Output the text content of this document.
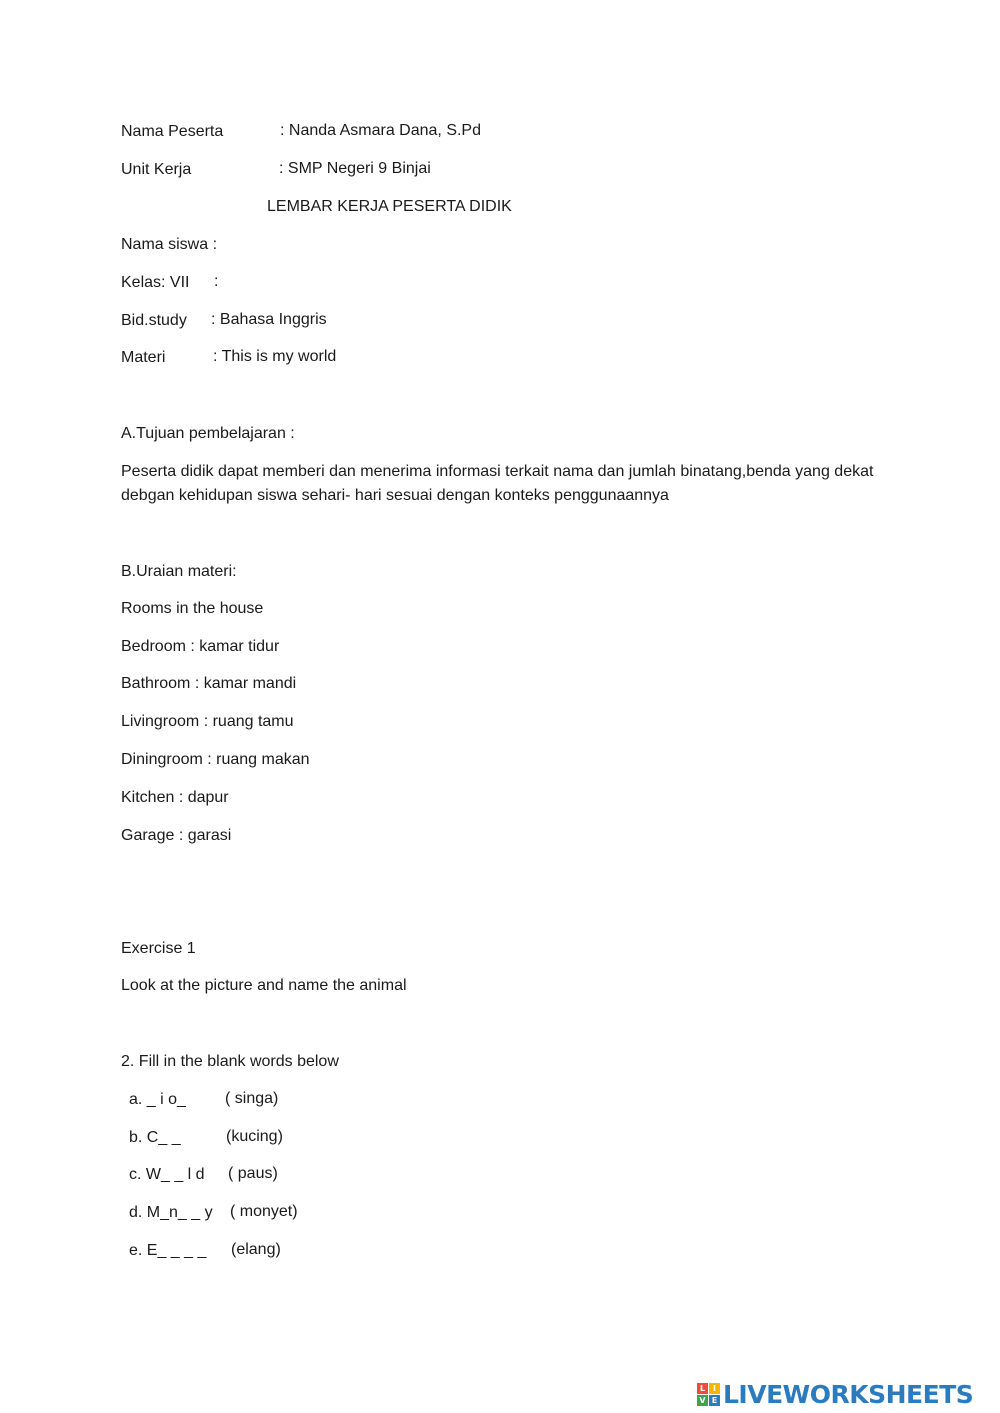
Nama Peserta	: Nanda Asmara Dana, S.Pd
Unit Kerja	: SMP Negeri 9 Binjai
LEMBAR KERJA PESERTA DIDIK
Nama siswa :
Kelas: VII :
Bid.study : Bahasa Inggris
Materi	: This is my world
A.Tujuan pembelajaran :
Peserta didik dapat memberi dan menerima informasi terkait nama dan jumlah binatang,benda yang dekat debgan kehidupan siswa sehari- hari sesuai dengan konteks penggunaannya
B.Uraian materi:
Rooms in the house
Bedroom : kamar tidur
Bathroom : kamar mandi
Livingroom : ruang tamu
Diningroom : ruang makan
Kitchen : dapur
Garage : garasi
Exercise 1
Look at the picture and name the animal
2. Fill in the blank words below
a. _ i o_ ( singa)
b. C_ _	(kucing)
c. W_ _ l d ( paus)
d. M_n_ _ y ( monyet)
e. E_ _ _ _ (elang)
L I
V E LIVEWORKSHEETS
